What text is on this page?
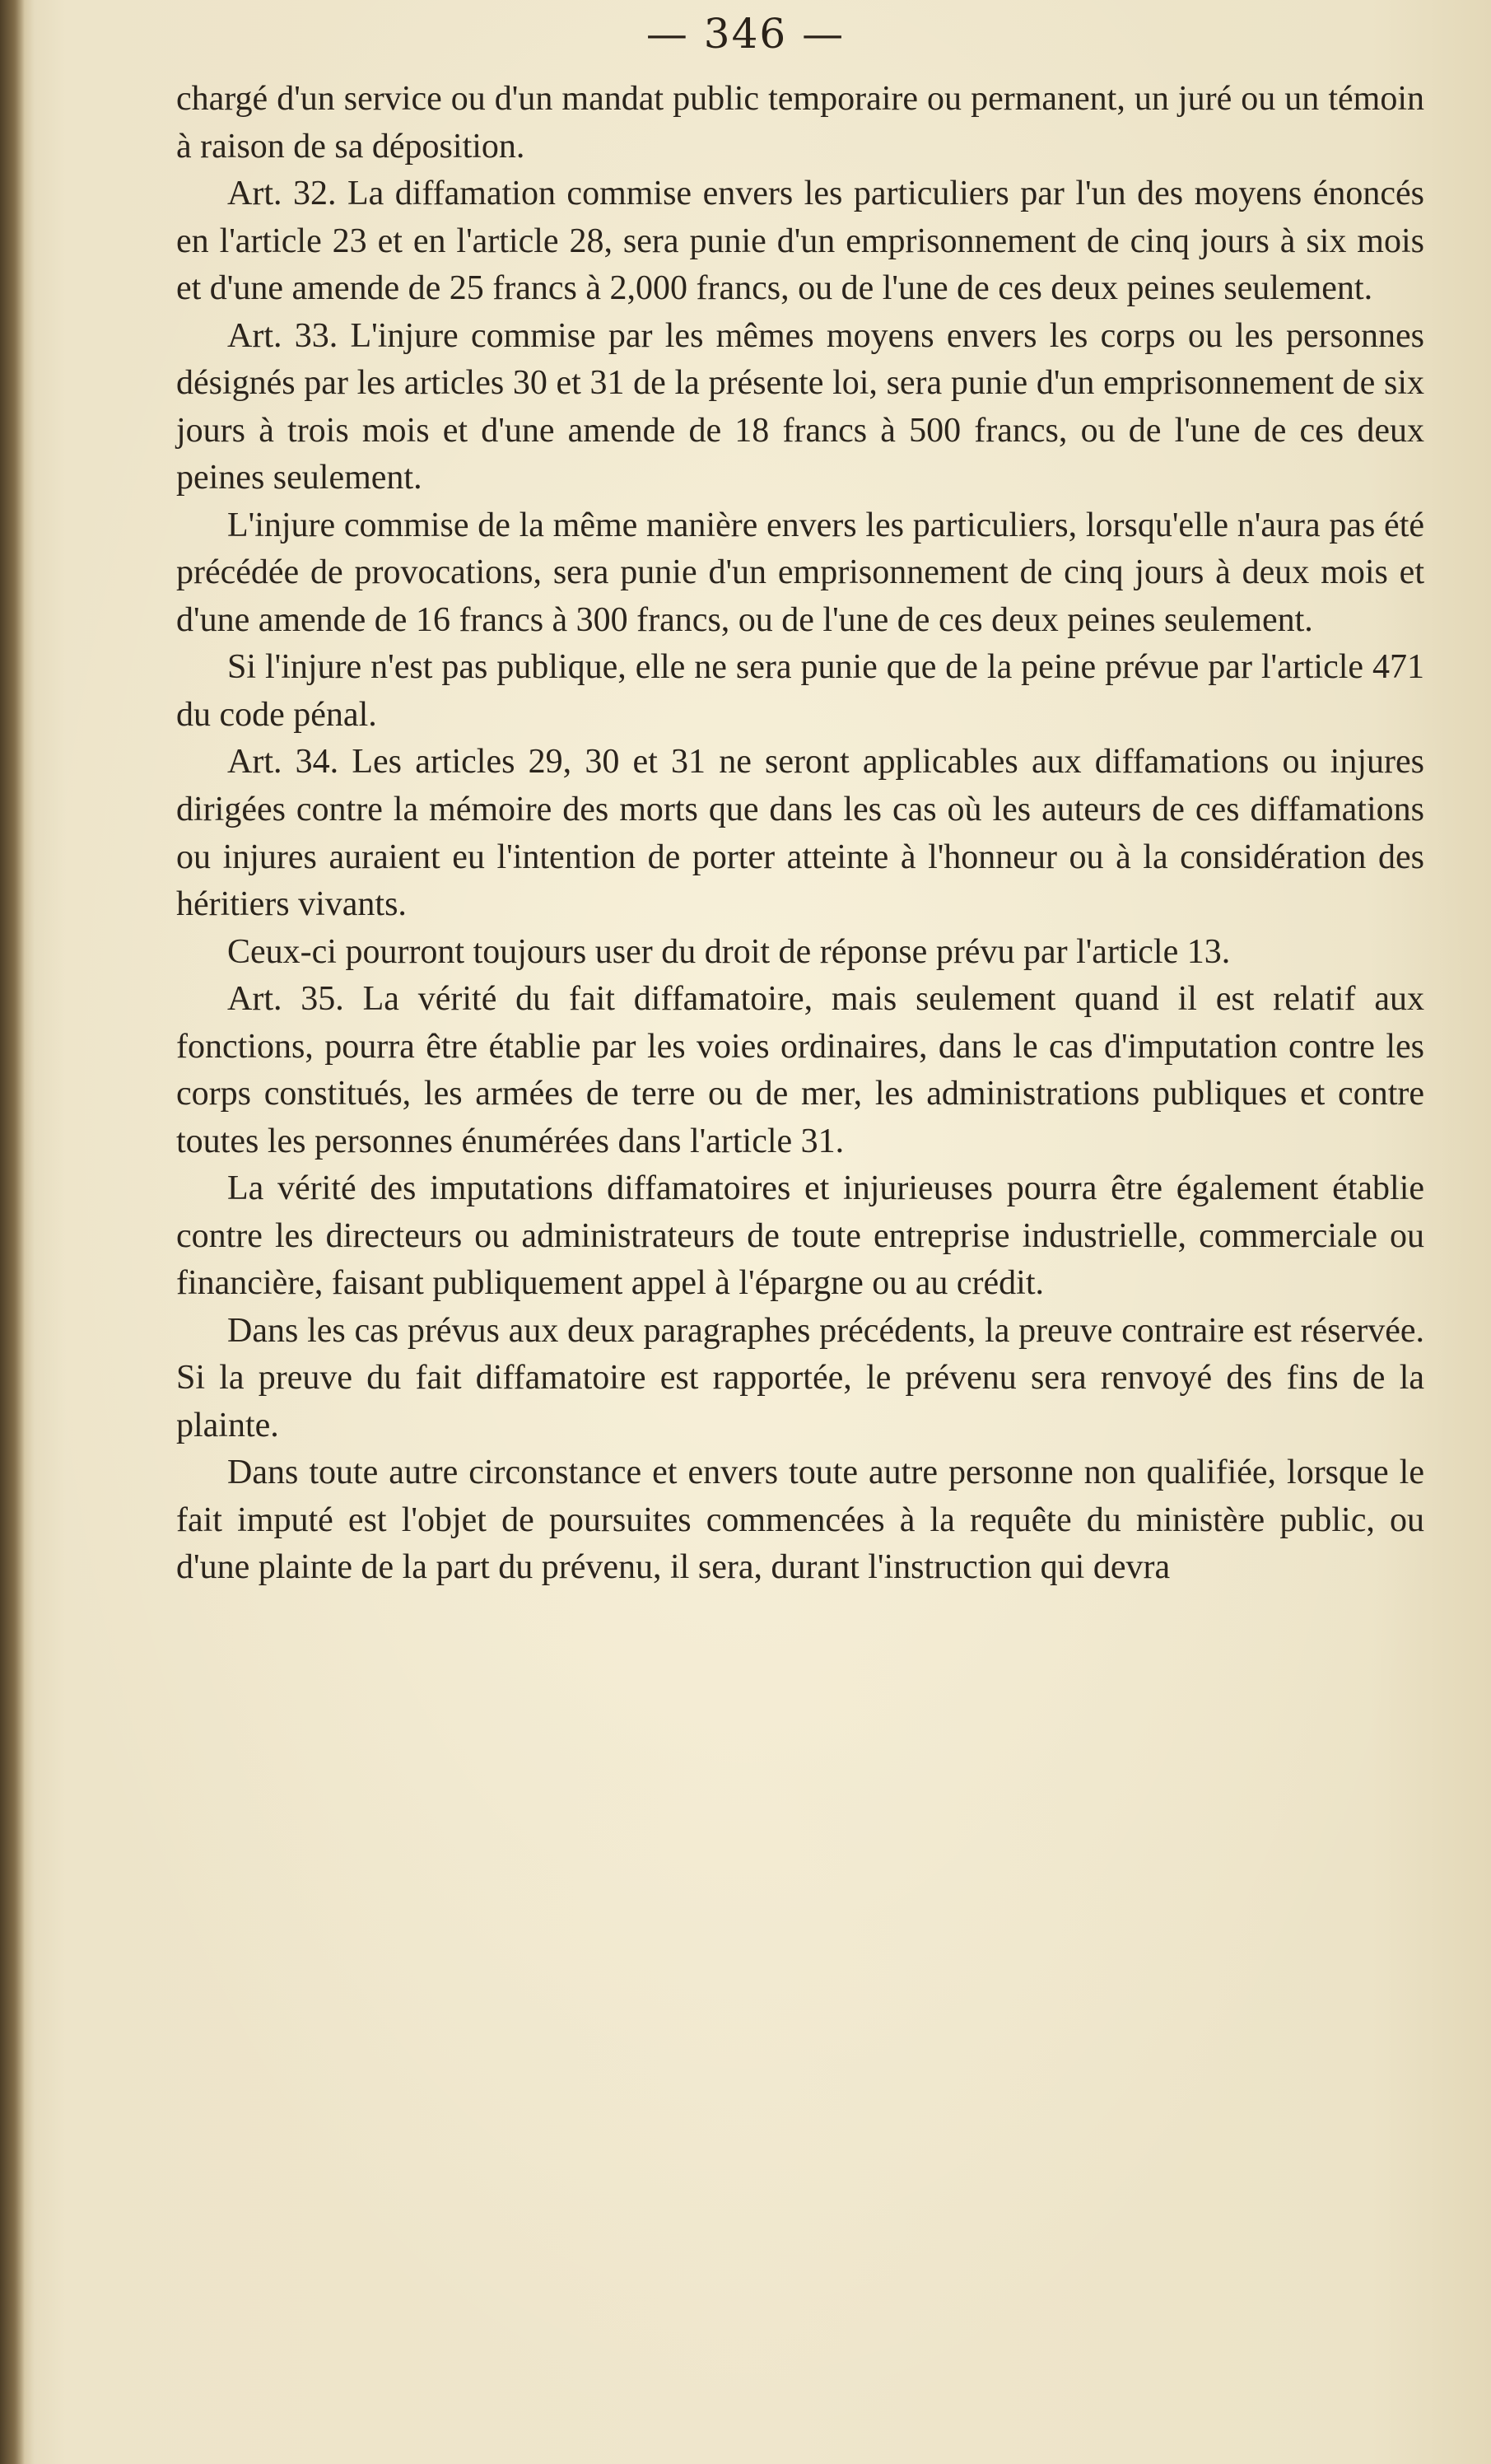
— 346 —

chargé d'un service ou d'un mandat public temporaire ou permanent, un juré ou un témoin à raison de sa déposition.

Art. 32. La diffamation commise envers les particuliers par l'un des moyens énoncés en l'article 23 et en l'article 28, sera punie d'un emprisonnement de cinq jours à six mois et d'une amende de 25 francs à 2,000 francs, ou de l'une de ces deux peines seulement.

Art. 33. L'injure commise par les mêmes moyens envers les corps ou les personnes désignés par les articles 30 et 31 de la présente loi, sera punie d'un emprisonnement de six jours à trois mois et d'une amende de 18 francs à 500 francs, ou de l'une de ces deux peines seulement.

L'injure commise de la même manière envers les particuliers, lorsqu'elle n'aura pas été précédée de provocations, sera punie d'un emprisonnement de cinq jours à deux mois et d'une amende de 16 francs à 300 francs, ou de l'une de ces deux peines seulement.

Si l'injure n'est pas publique, elle ne sera punie que de la peine prévue par l'article 471 du code pénal.

Art. 34. Les articles 29, 30 et 31 ne seront applicables aux diffamations ou injures dirigées contre la mémoire des morts que dans les cas où les auteurs de ces diffamations ou injures auraient eu l'intention de porter atteinte à l'honneur ou à la considération des héritiers vivants.

Ceux-ci pourront toujours user du droit de réponse prévu par l'article 13.

Art. 35. La vérité du fait diffamatoire, mais seulement quand il est relatif aux fonctions, pourra être établie par les voies ordinaires, dans le cas d'imputation contre les corps constitués, les armées de terre ou de mer, les administrations publiques et contre toutes les personnes énumérées dans l'article 31.

La vérité des imputations diffamatoires et injurieuses pourra être également établie contre les directeurs ou administrateurs de toute entreprise industrielle, commerciale ou financière, faisant publiquement appel à l'épargne ou au crédit.

Dans les cas prévus aux deux paragraphes précédents, la preuve contraire est réservée. Si la preuve du fait diffamatoire est rapportée, le prévenu sera renvoyé des fins de la plainte.

Dans toute autre circonstance et envers toute autre personne non qualifiée, lorsque le fait imputé est l'objet de poursuites commencées à la requête du ministère public, ou d'une plainte de la part du prévenu, il sera, durant l'instruction qui devra
